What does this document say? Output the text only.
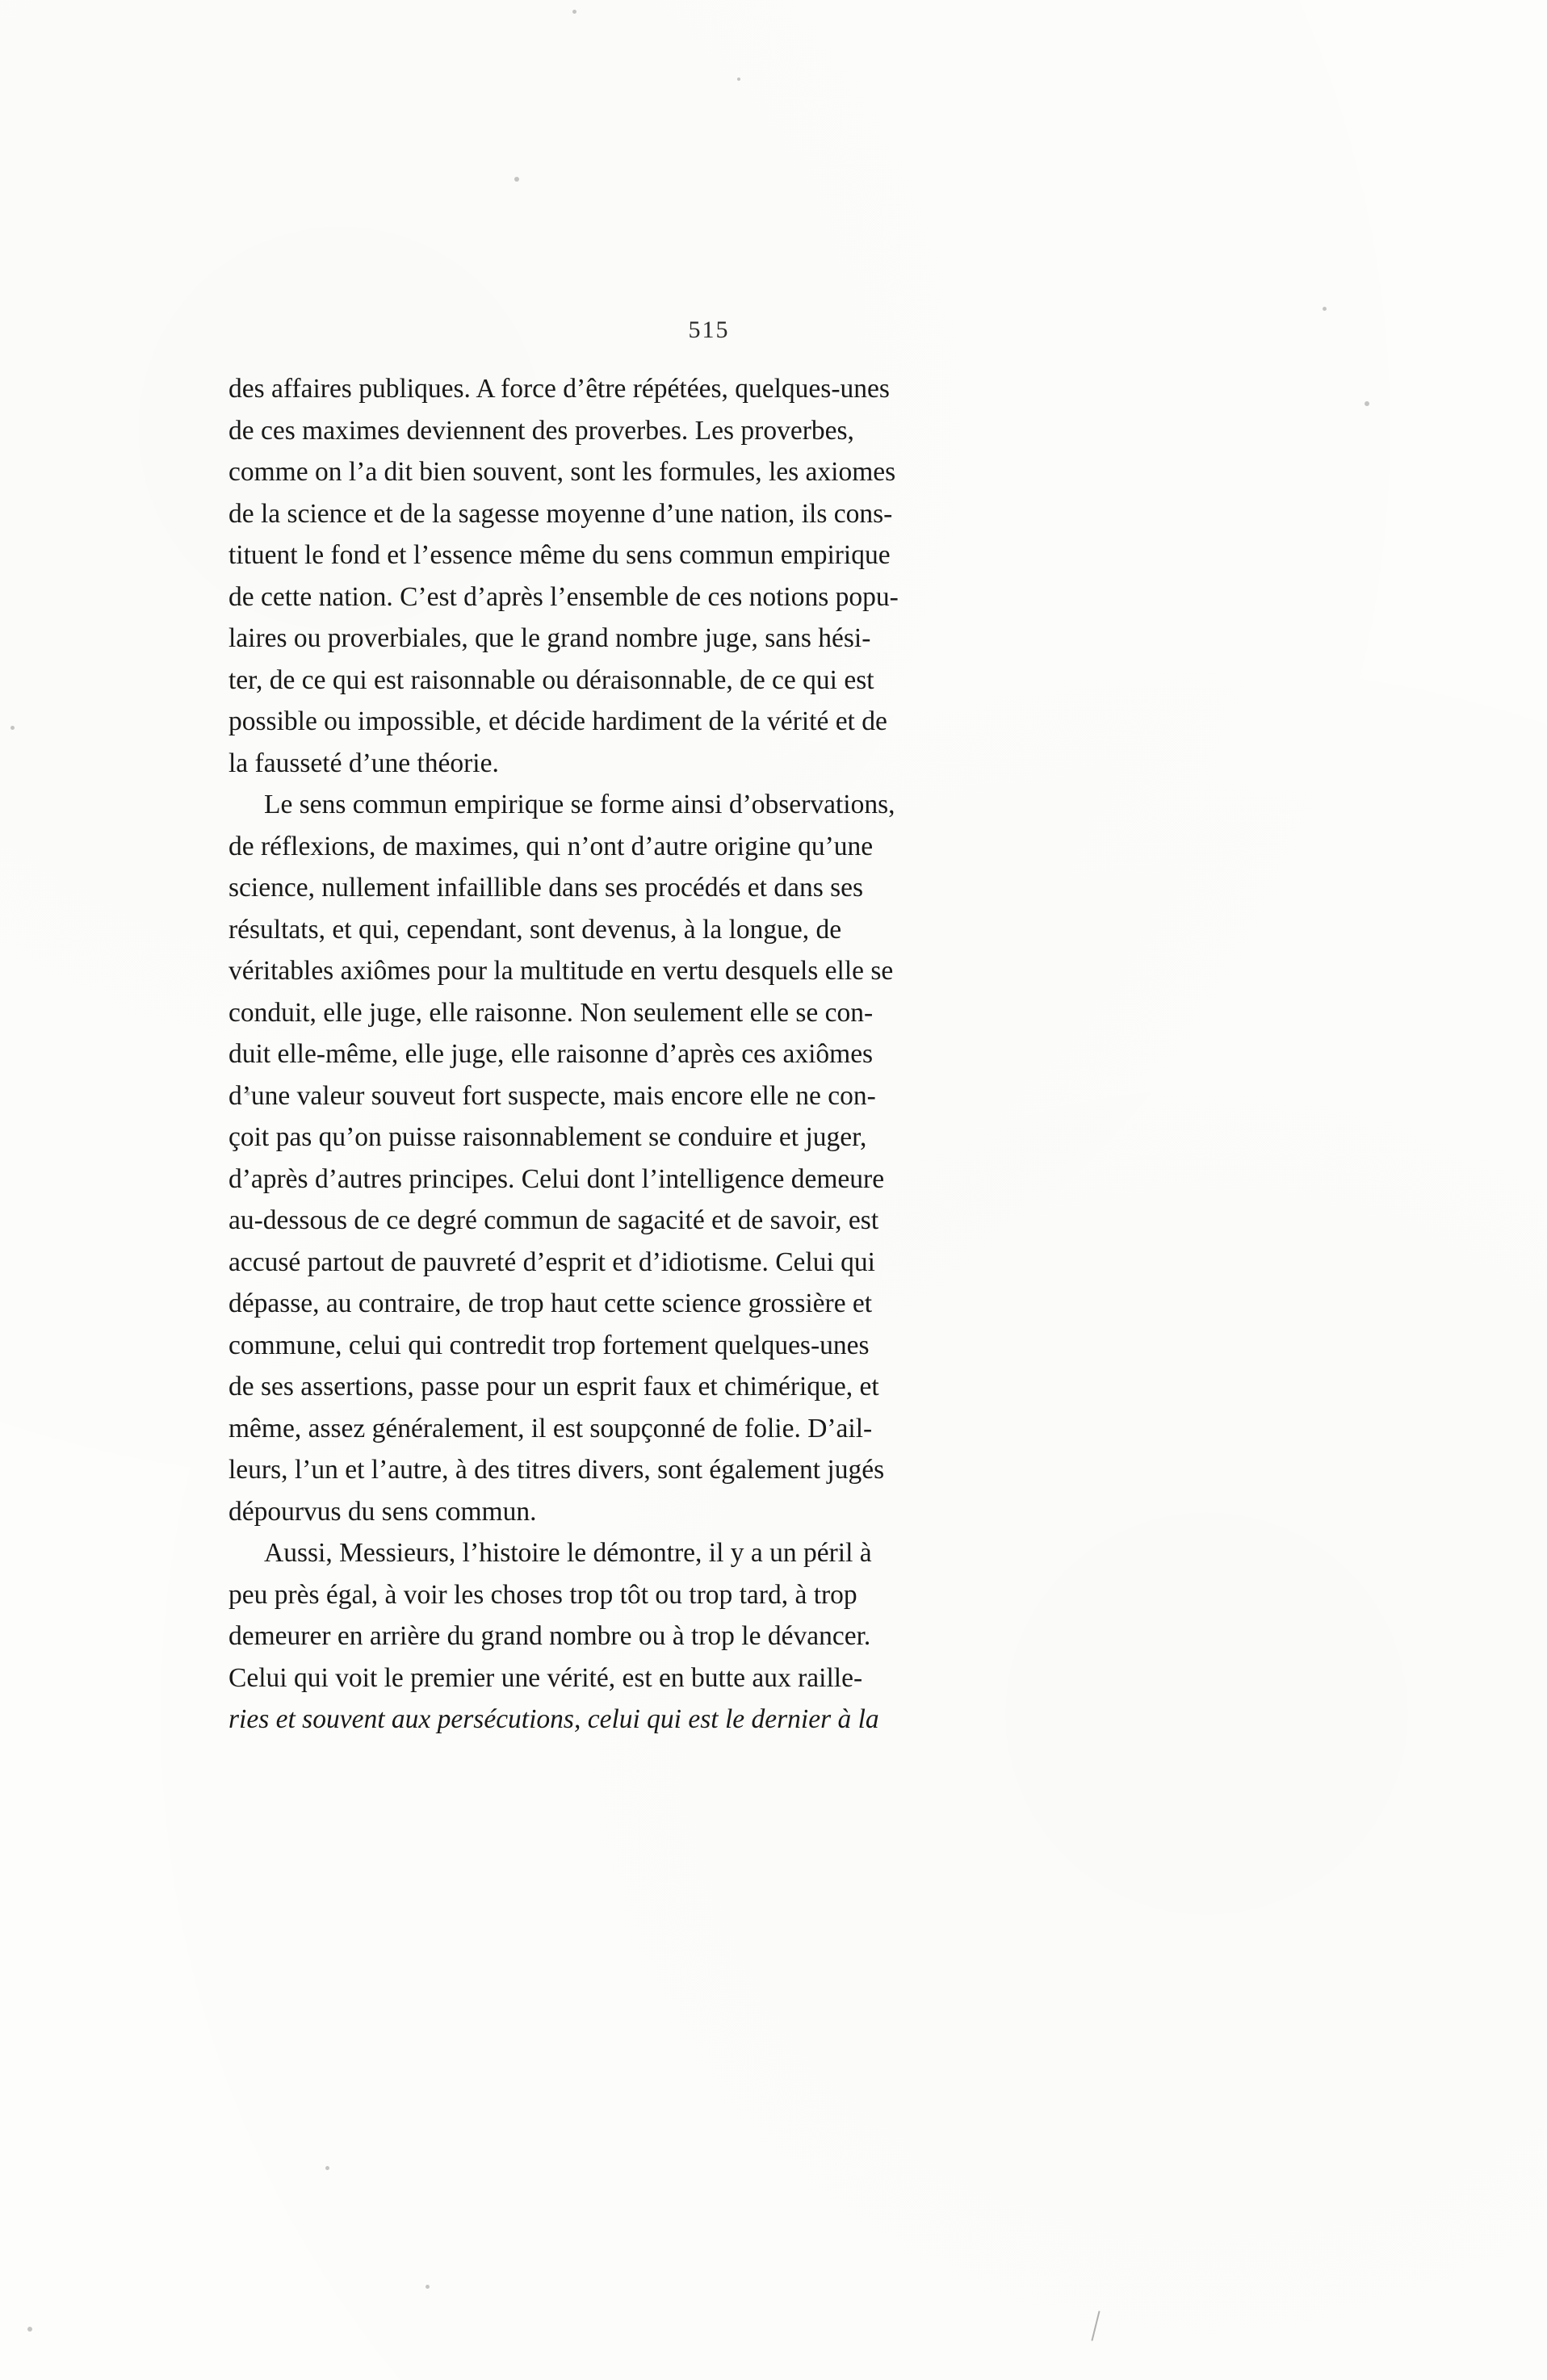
515

des affaires publiques. A force d’être répétées, quelques-unes
de ces maximes deviennent des proverbes. Les proverbes,
comme on l’a dit bien souvent, sont les formules, les axiomes
de la science et de la sagesse moyenne d’une nation, ils cons-
tituent le fond et l’essence même du sens commun empirique
de cette nation. C’est d’après l’ensemble de ces notions popu-
laires ou proverbiales, que le grand nombre juge, sans hési-
ter, de ce qui est raisonnable ou déraisonnable, de ce qui est
possible ou impossible, et décide hardiment de la vérité et de
la fausseté d’une théorie.

Le sens commun empirique se forme ainsi d’observations,
de réflexions, de maximes, qui n’ont d’autre origine qu’une
science, nullement infaillible dans ses procédés et dans ses
résultats, et qui, cependant, sont devenus, à la longue, de
véritables axiômes pour la multitude en vertu desquels elle se
conduit, elle juge, elle raisonne. Non seulement elle se con-
duit elle-même, elle juge, elle raisonne d’après ces axiômes
d’une valeur souveut fort suspecte, mais encore elle ne con-
çoit pas qu’on puisse raisonnablement se conduire et juger,
d’après d’autres principes. Celui dont l’intelligence demeure
au-dessous de ce degré commun de sagacité et de savoir, est
accusé partout de pauvreté d’esprit et d’idiotisme. Celui qui
dépasse, au contraire, de trop haut cette science grossière et
commune, celui qui contredit trop fortement quelques-unes
de ses assertions, passe pour un esprit faux et chimérique, et
même, assez généralement, il est soupçonné de folie. D’ail-
leurs, l’un et l’autre, à des titres divers, sont également jugés
dépourvus du sens commun.

Aussi, Messieurs, l’histoire le démontre, il y a un péril à
peu près égal, à voir les choses trop tôt ou trop tard, à trop
demeurer en arrière du grand nombre ou à trop le dévancer.
Celui qui voit le premier une vérité, est en butte aux raille-
ries et souvent aux persécutions, celui qui est le dernier à la
